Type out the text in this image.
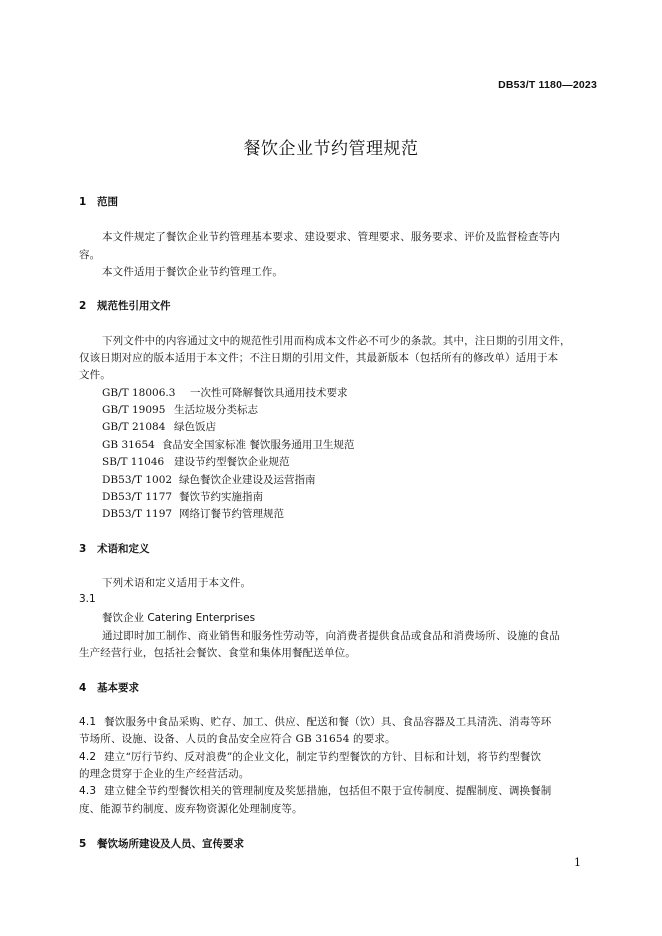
DB53/T 1180—2023
餐饮企业节约管理规范
1 范围
本文件规定了餐饮企业节约管理基本要求、建设要求、管理要求、服务要求、评价及监督检查等内
容。
本文件适用于餐饮企业节约管理工作。
2 规范性引用文件
下列文件中的内容通过文中的规范性引用而构成本文件必不可少的条款。其中，注日期的引用文件，
仅该日期对应的版本适用于本文件；不注日期的引用文件，其最新版本（包括所有的修改单）适用于本
文件。
GB/T 18006.3 一次性可降解餐饮具通用技术要求
GB/T 19095 生活垃圾分类标志
GB/T 21084 绿色饭店
GB 31654 食品安全国家标准 餐饮服务通用卫生规范
SB/T 11046 建设节约型餐饮企业规范
DB53/T 1002 绿色餐饮企业建设及运营指南
DB53/T 1177 餐饮节约实施指南
DB53/T 1197 网络订餐节约管理规范
3 术语和定义
下列术语和定义适用于本文件。
3.1
餐饮企业 Catering Enterprises
通过即时加工制作、商业销售和服务性劳动等，向消费者提供食品或食品和消费场所、设施的食品
生产经营行业，包括社会餐饮、食堂和集体用餐配送单位。
4 基本要求
4.1 餐饮服务中食品采购、贮存、加工、供应、配送和餐（饮）具、食品容器及工具清洗、消毒等环
节场所、设施、设备、人员的食品安全应符合 GB 31654 的要求。
4.2 建立“厉行节约、反对浪费”的企业文化，制定节约型餐饮的方针、目标和计划，将节约型餐饮
的理念贯穿于企业的生产经营活动。
4.3 建立健全节约型餐饮相关的管理制度及奖惩措施，包括但不限于宣传制度、提醒制度、调换餐制
度、能源节约制度、废弃物资源化处理制度等。
5 餐饮场所建设及人员、宣传要求
1
